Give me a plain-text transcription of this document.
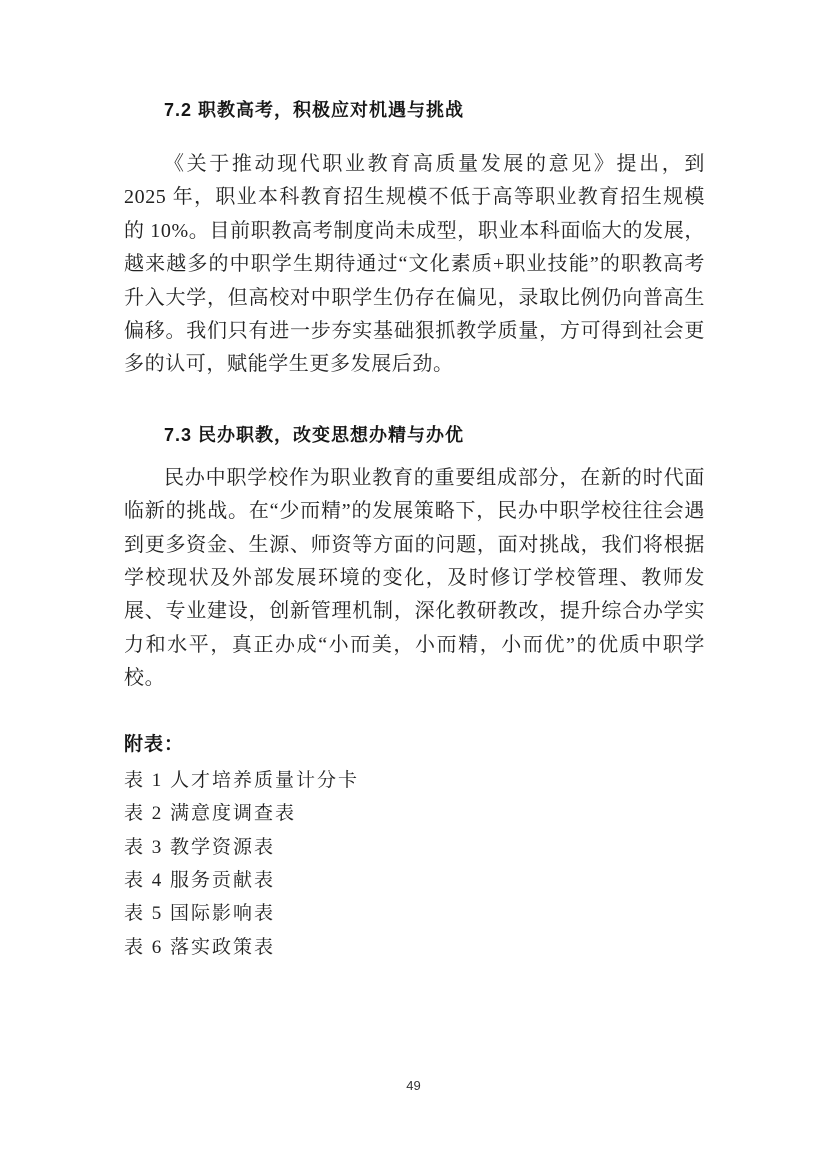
7.2 职教高考，积极应对机遇与挑战

《关于推动现代职业教育高质量发展的意见》提出，到 2025 年，职业本科教育招生规模不低于高等职业教育招生规模的 10%。目前职教高考制度尚未成型，职业本科面临大的发展，越来越多的中职学生期待通过“文化素质+职业技能”的职教高考升入大学，但高校对中职学生仍存在偏见，录取比例仍向普高生偏移。我们只有进一步夯实基础狠抓教学质量，方可得到社会更多的认可，赋能学生更多发展后劲。

7.3 民办职教，改变思想办精与办优

民办中职学校作为职业教育的重要组成部分，在新的时代面临新的挑战。在“少而精”的发展策略下，民办中职学校往往会遇到更多资金、生源、师资等方面的问题，面对挑战，我们将根据学校现状及外部发展环境的变化，及时修订学校管理、教师发展、专业建设，创新管理机制，深化教研教改，提升综合办学实力和水平，真正办成“小而美，小而精，小而优”的优质中职学校。

附表：

表 1 人才培养质量计分卡
表 2 满意度调查表
表 3 教学资源表
表 4 服务贡献表
表 5 国际影响表
表 6 落实政策表
49
